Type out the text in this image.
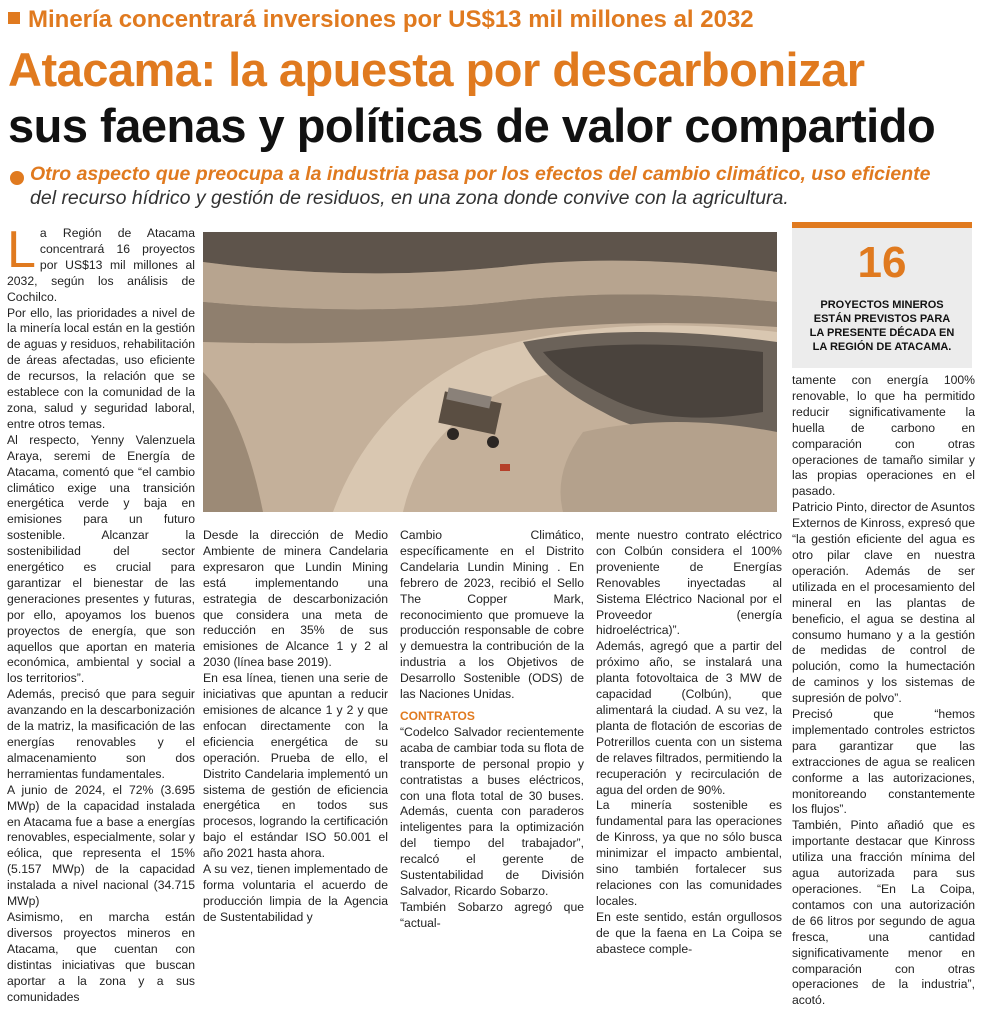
Minería concentrará inversiones por US$13 mil millones al 2032
Atacama: la apuesta por descarbonizar
sus faenas y políticas de valor compartido
Otro aspecto que preocupa a la industria pasa por los efectos del cambio climático, uso eficiente
del recurso hídrico y gestión de residuos, en una zona donde convive con la agricultura.

La Región de Atacama concentrará 16 proyectos por US$13 mil millones al 2032, según los análisis de Cochilco.

Por ello, las prioridades a nivel de la minería local están en la gestión de aguas y residuos, rehabilitación de áreas afectadas, uso eficiente de recursos, la relación que se establece con la comunidad de la zona, salud y seguridad laboral, entre otros temas.

Al respecto, Yenny Valenzuela Araya, seremi de Energía de Atacama, comentó que “el cambio climático exige una transición energética verde y baja en emisiones para un futuro sostenible. Alcanzar la sostenibilidad del sector energético es crucial para garantizar el bienestar de las generaciones presentes y futuras, por ello, apoyamos los buenos proyectos de energía, que son aquellos que aportan en materia económica, ambiental y social a los territorios”.

Además, precisó que para seguir avanzando en la descarbonización de la matriz, la masificación de las energías renovables y el almacenamiento son dos herramientas fundamentales.

A junio de 2024, el 72% (3.695 MWp) de la capacidad instalada en Atacama fue a base a energías renovables, especialmente, solar y eólica, que representa el 15% (5.157 MWp) de la capacidad instalada a nivel nacional (34.715 MWp)

Asimismo, en marcha están diversos proyectos mineros en Atacama, que cuentan con distintas iniciativas que buscan aportar a la zona y a sus comunidades

16
PROYECTOS MINEROS ESTÁN PREVISTOS PARA LA PRESENTE DÉCADA EN LA REGIÓN DE ATACAMA.

Desde la dirección de Medio Ambiente de minera Candelaria expresaron que Lundin Mining está implementando una estrategia de descarbonización que considera una meta de reducción en 35% de sus emisiones de Alcance 1 y 2 al 2030 (línea base 2019).

En esa línea, tienen una serie de iniciativas que apuntan a reducir emisiones de alcance 1 y 2 y que enfocan directamente con la eficiencia energética de su operación. Prueba de ello, el Distrito Candelaria implementó un sistema de gestión de eficiencia energética en todos sus procesos, logrando la certificación bajo el estándar ISO 50.001 el año 2021 hasta ahora.

A su vez, tienen implementado de forma voluntaria el acuerdo de producción limpia de la Agencia de Sustentabilidad y

Cambio Climático, específicamente en el Distrito Candelaria Lundin Mining . En febrero de 2023, recibió el Sello The Copper Mark, reconocimiento que promueve la producción responsable de cobre y demuestra la contribución de la industria a los Objetivos de Desarrollo Sostenible (ODS) de las Naciones Unidas.

CONTRATOS

“Codelco Salvador recientemente acaba de cambiar toda su flota de transporte de personal propio y contratistas a buses eléctricos, con una flota total de 30 buses. Además, cuenta con paraderos inteligentes para la optimización del tiempo del trabajador”, recalcó el gerente de Sustentabilidad de División Salvador, Ricardo Sobarzo.

También Sobarzo agregó que “actual-

mente nuestro contrato eléctrico con Colbún considera el 100% proveniente de Energías Renovables inyectadas al Sistema Eléctrico Nacional por el Proveedor (energía hidroeléctrica)”.

Además, agregó que a partir del próximo año, se instalará una planta fotovoltaica de 3 MW de capacidad (Colbún), que alimentará la ciudad. A su vez, la planta de flotación de escorias de Potrerillos cuenta con un sistema de relaves filtrados, permitiendo la recuperación y recirculación de agua del orden de 90%.

La minería sostenible es fundamental para las operaciones de Kinross, ya que no sólo busca minimizar el impacto ambiental, sino también fortalecer sus relaciones con las comunidades locales.

En este sentido, están orgullosos de que la faena en La Coipa se abastece comple-

tamente con energía 100% renovable, lo que ha permitido reducir significativamente la huella de carbono en comparación con otras operaciones de tamaño similar y las propias operaciones en el pasado.

Patricio Pinto, director de Asuntos Externos de Kinross, expresó que “la gestión eficiente del agua es otro pilar clave en nuestra operación. Además de ser utilizada en el procesamiento del mineral en las plantas de beneficio, el agua se destina al consumo humano y a la gestión de medidas de control de polución, como la humectación de caminos y los sistemas de supresión de polvo”.

Precisó que “hemos implementado controles estrictos para garantizar que las extracciones de agua se realicen conforme a las autorizaciones, monitoreando constantemente los flujos”.

También, Pinto añadió que es importante destacar que Kinross utiliza una fracción mínima del agua autorizada para sus operaciones. “En La Coipa, contamos con una autorización de 66 litros por segundo de agua fresca, una cantidad significativamente menor en comparación con otras operaciones de la industria”, acotó.
